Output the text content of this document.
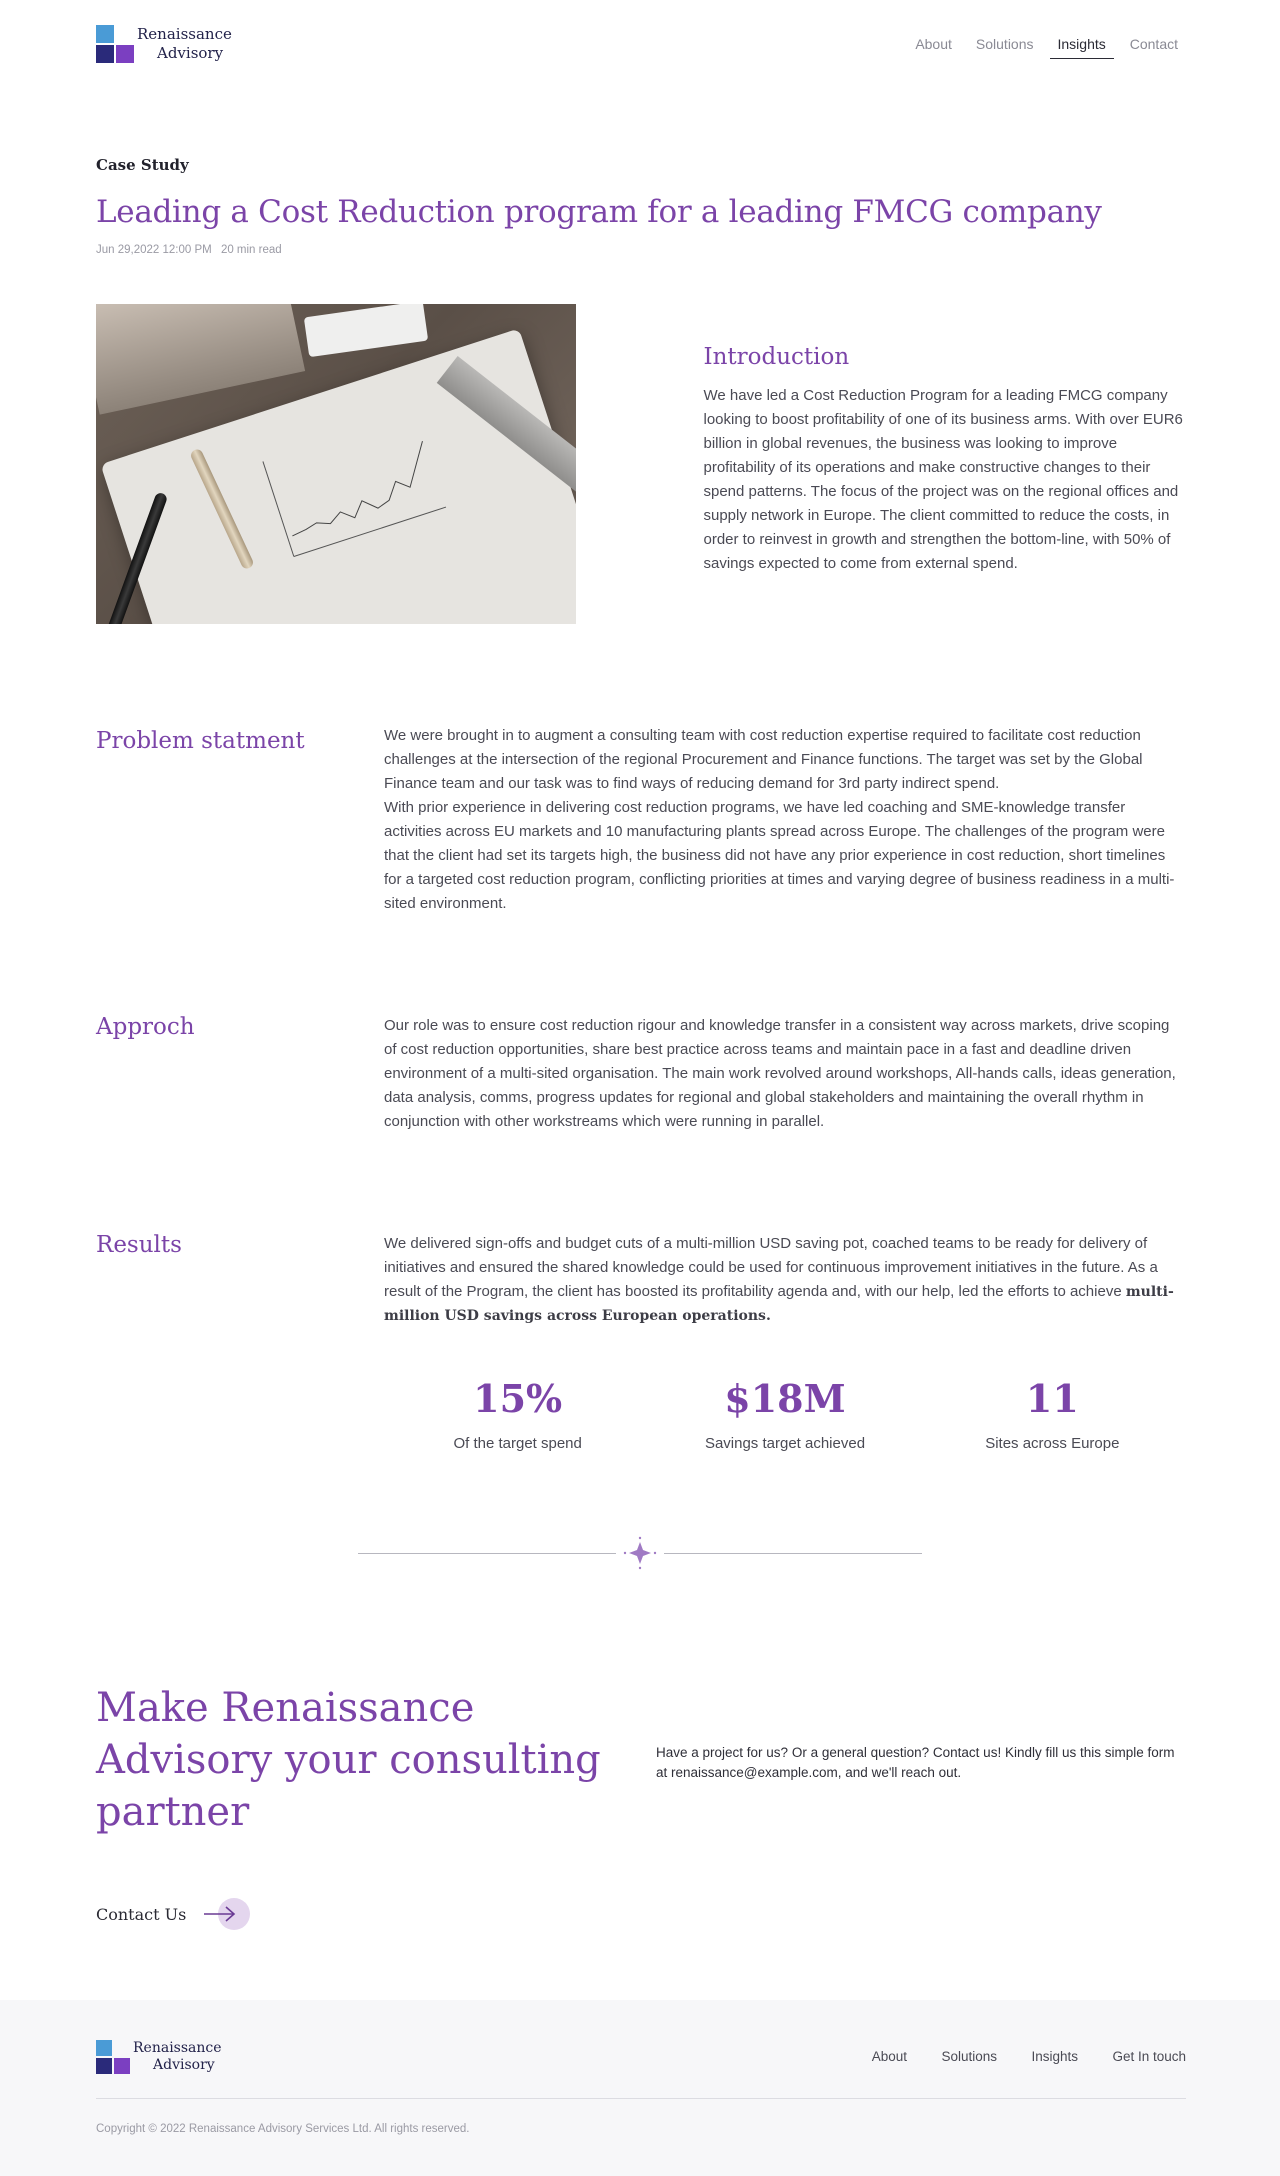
Renaissance
Advisory
About	Solutions	Insights	Contact
Case Study
Leading a Cost Reduction program for a leading FMCG company
Jun 29,2022 12:00 PM 20 min read
Introduction

We have led a Cost Reduction Program for a leading FMCG company looking to boost profitability of one of its business arms. With over EUR6 billion in global revenues, the business was looking to improve profitability of its operations and make constructive changes to their spend patterns. The focus of the project was on the regional offices and supply network in Europe. The client committed to reduce the costs, in order to reinvest in growth and strengthen the bottom-line, with 50% of savings expected to come from external spend.

Problem statment	We were brought in to augment a consulting team with cost reduction expertise required to facilitate cost reduction challenges at the intersection of the regional Procurement and Finance functions. The target was set by the Global Finance team and our task was to find ways of reducing demand for 3rd party indirect spend.

With prior experience in delivering cost reduction programs, we have led coaching and SME-knowledge transfer activities across EU markets and 10 manufacturing plants spread across Europe. The challenges of the program were that the client had set its targets high, the business did not have any prior experience in cost reduction, short timelines for a targeted cost reduction program, conflicting priorities at times and varying degree of business readiness in a multi-sited environment.

Approch	Our role was to ensure cost reduction rigour and knowledge transfer in a consistent way across markets, drive scoping of cost reduction opportunities, share best practice across teams and maintain pace in a fast and deadline driven environment of a multi-sited organisation. The main work revolved around workshops, All-hands calls, ideas generation, data analysis, comms, progress updates for regional and global stakeholders and maintaining the overall rhythm in conjunction with other workstreams which were running in parallel.

Results	We delivered sign-offs and budget cuts of a multi-million USD saving pot, coached teams to be ready for delivery of initiatives and ensured the shared knowledge could be used for continuous improvement initiatives in the future. As a result of the Program, the client has boosted its profitability agenda and, with our help, led the efforts to achieve multi-million USD savings across European operations.

15%
Of the target spend
$18M
Savings target achieved
11
Sites across Europe
Make Renaissance Advisory your consulting partner

Have a project for us? Or a general question? Contact us! Kindly fill us this simple form at renaissance@example.com, and we'll reach out.

Contact Us
Renaissance
Advisory
About	Solutions	Insights	Get In touch
Copyright © 2022 Renaissance Advisory Services Ltd. All rights reserved.
